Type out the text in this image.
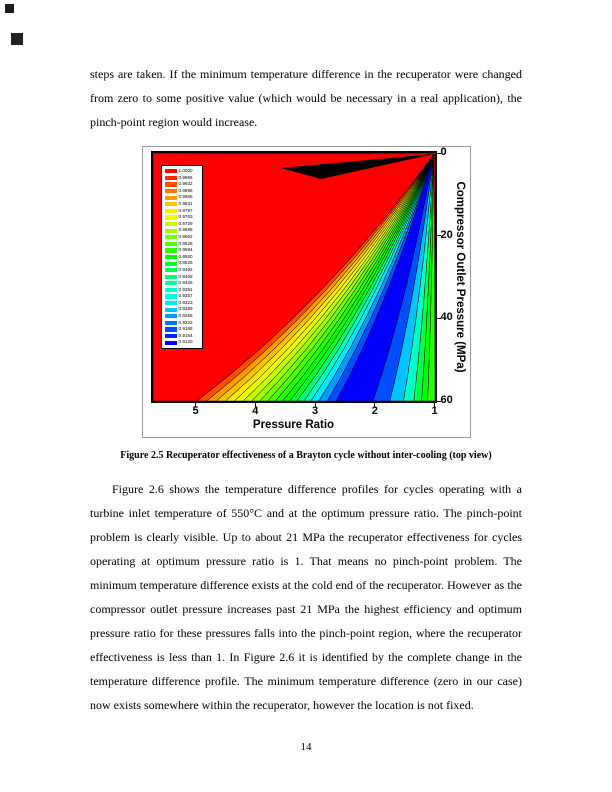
steps are taken. If the minimum temperature difference in the recuperator were changed from zero to some positive value (which would be necessary in a real application), the pinch-point region would increase.

1.0000
0.9966
0.9932
0.9898
0.9865
0.9831
0.9797
0.9763
0.9729
0.9695
0.9662
0.9628
0.9594
0.9560
0.9526
0.9492
0.9458
0.9425
0.9391
0.9357
0.9323
0.9289
0.9255
0.9222
0.9188
0.9154
0.9120
Pressure Ratio
Compressor Outlet Pressure (MPa)
5	4	3	2	1
0
20
40
60

Figure 2.5 Recuperator effectiveness of a Brayton cycle without inter-cooling (top view)

Figure 2.6 shows the temperature difference profiles for cycles operating with a turbine inlet temperature of 550°C and at the optimum pressure ratio. The pinch-point problem is clearly visible. Up to about 21 MPa the recuperator effectiveness for cycles operating at optimum pressure ratio is 1. That means no pinch-point problem. The minimum temperature difference exists at the cold end of the recuperator. However as the compressor outlet pressure increases past 21 MPa the highest efficiency and optimum pressure ratio for these pressures falls into the pinch-point region, where the recuperator effectiveness is less than 1. In Figure 2.6 it is identified by the complete change in the temperature difference profile. The minimum temperature difference (zero in our case) now exists somewhere within the recuperator, however the location is not fixed.

14
